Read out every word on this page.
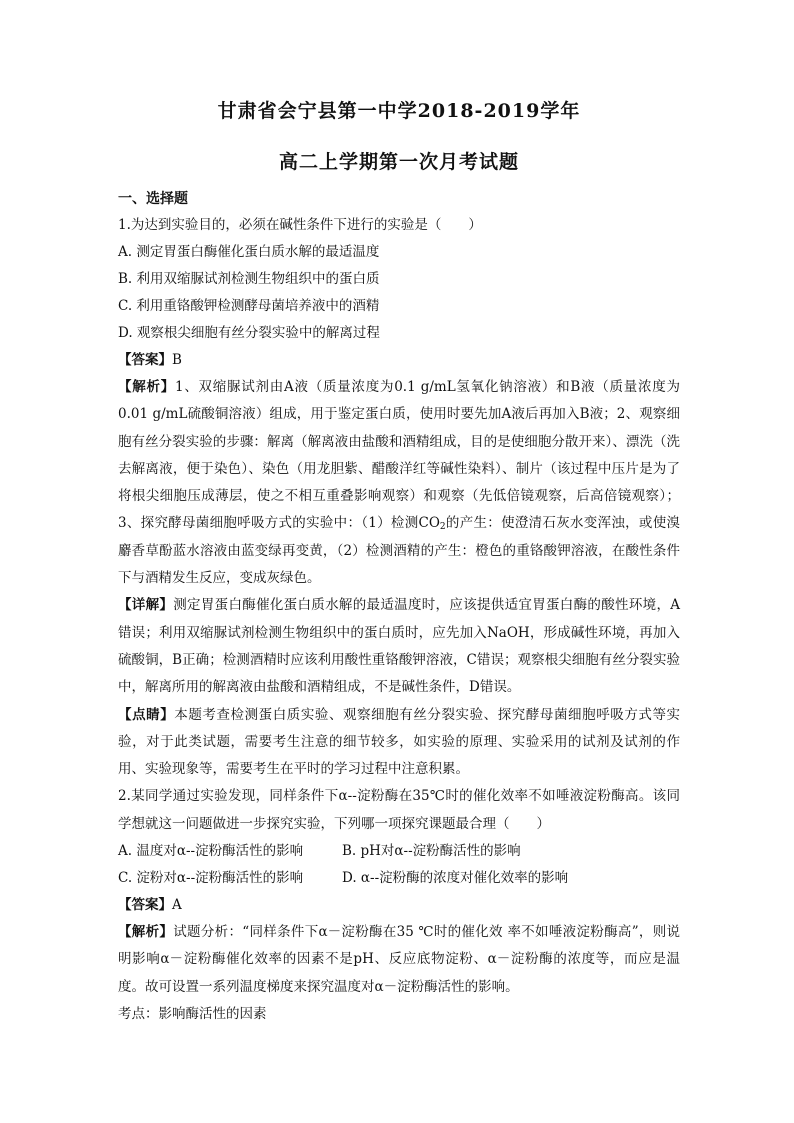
甘肃省会宁县第一中学2018-2019学年
高二上学期第一次月考试题
一、选择题

1.为达到实验目的，必须在碱性条件下进行的实验是（　　）

A. 测定胃蛋白酶催化蛋白质水解的最适温度

B. 利用双缩脲试剂检测生物组织中的蛋白质

C. 利用重铬酸钾检测酵母菌培养液中的酒精

D. 观察根尖细胞有丝分裂实验中的解离过程

【答案】B

【解析】1、双缩脲试剂由A液（质量浓度为0.1 g/mL氢氧化钠溶液）和B液（质量浓度为0.01 g/mL硫酸铜溶液）组成，用于鉴定蛋白质，使用时要先加A液后再加入B液；2、观察细胞有丝分裂实验的步骤：解离（解离液由盐酸和酒精组成，目的是使细胞分散开来）、漂洗（洗去解离液，便于染色）、染色（用龙胆紫、醋酸洋红等碱性染料）、制片（该过程中压片是为了将根尖细胞压成薄层，使之不相互重叠影响观察）和观察（先低倍镜观察，后高倍镜观察）；3、探究酵母菌细胞呼吸方式的实验中：（1）检测$CO_2$的产生：使澄清石灰水变浑浊，或使溴麝香草酚蓝水溶液由蓝变绿再变黄，（2）检测酒精的产生：橙色的重铬酸钾溶液，在酸性条件下与酒精发生反应，变成灰绿色。

【详解】测定胃蛋白酶催化蛋白质水解的最适温度时，应该提供适宜胃蛋白酶的酸性环境，A错误；利用双缩脲试剂检测生物组织中的蛋白质时，应先加入NaOH，形成碱性环境，再加入硫酸铜，B正确；检测酒精时应该利用酸性重铬酸钾溶液，C错误；观察根尖细胞有丝分裂实验中，解离所用的解离液由盐酸和酒精组成，不是碱性条件，D错误。

【点睛】本题考查检测蛋白质实验、观察细胞有丝分裂实验、探究酵母菌细胞呼吸方式等实验，对于此类试题，需要考生注意的细节较多，如实验的原理、实验采用的试剂及试剂的作用、实验现象等，需要考生在平时的学习过程中注意积累。

2.某同学通过实验发现，同样条件下α--淀粉酶在35℃时的催化效率不如唾液淀粉酶高。该同学想就这一问题做进一步探究实验，下列哪一项探究课题最合理（　　）

A. 温度对α--淀粉酶活性的影响	B. pH对α--淀粉酶活性的影响

C. 淀粉对α--淀粉酶活性的影响	D. α--淀粉酶的浓度对催化效率的影响

【答案】A

【解析】试题分析：“同样条件下α－淀粉酶在35 ℃时的催化效 率不如唾液淀粉酶高”，则说明影响α－淀粉酶催化效率的因素不是pH、反应底物淀粉、α－淀粉酶的浓度等，而应是温度。故可设置一系列温度梯度来探究温度对α－淀粉酶活性的影响。

考点：影响酶活性的因素
